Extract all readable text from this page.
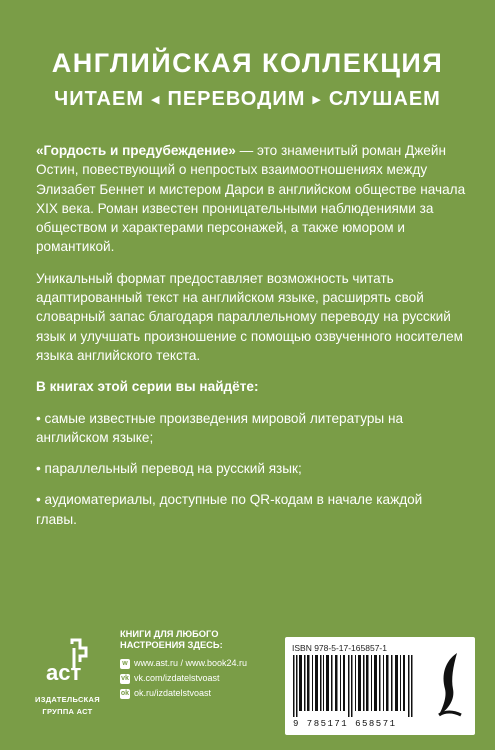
АНГЛИЙСКАЯ КОЛЛЕКЦИЯ
ЧИТАЕМ ◀ ПЕРЕВОДИМ ▶ СЛУШАЕМ

«Гордость и предубеждение» — это знаменитый роман Джейн Остин, повествующий о непростых взаимоотношениях между Элизабет Беннет и мистером Дарси в английском обществе начала XIX века. Роман известен проницательными наблюдениями за обществом и характерами персонажей, а также юмором и романтикой.

Уникальный формат предоставляет возможность читать адаптированный текст на английском языке, расширять свой словарный запас благодаря параллельному переводу на русский язык и улучшать произношение с помощью озвученного носителем языка английского текста.

В книгах этой серии вы найдёте:

• самые известные произведения мировой литературы на английском языке;

• параллельный перевод на русский язык;

• аудиоматериалы, доступные по QR-кодам в начале каждой главы.

аст
ИЗДАТЕЛЬСКАЯ
ГРУППА АСТ
КНИГИ ДЛЯ ЛЮБОГО
НАСТРОЕНИЯ ЗДЕСЬ:
w www.ast.ru / www.book24.ru
vk vk.com/izdatelstvoast
ok ok.ru/izdatelstvoast
ISBN 978-5-17-165857-1
9 785171 658571
